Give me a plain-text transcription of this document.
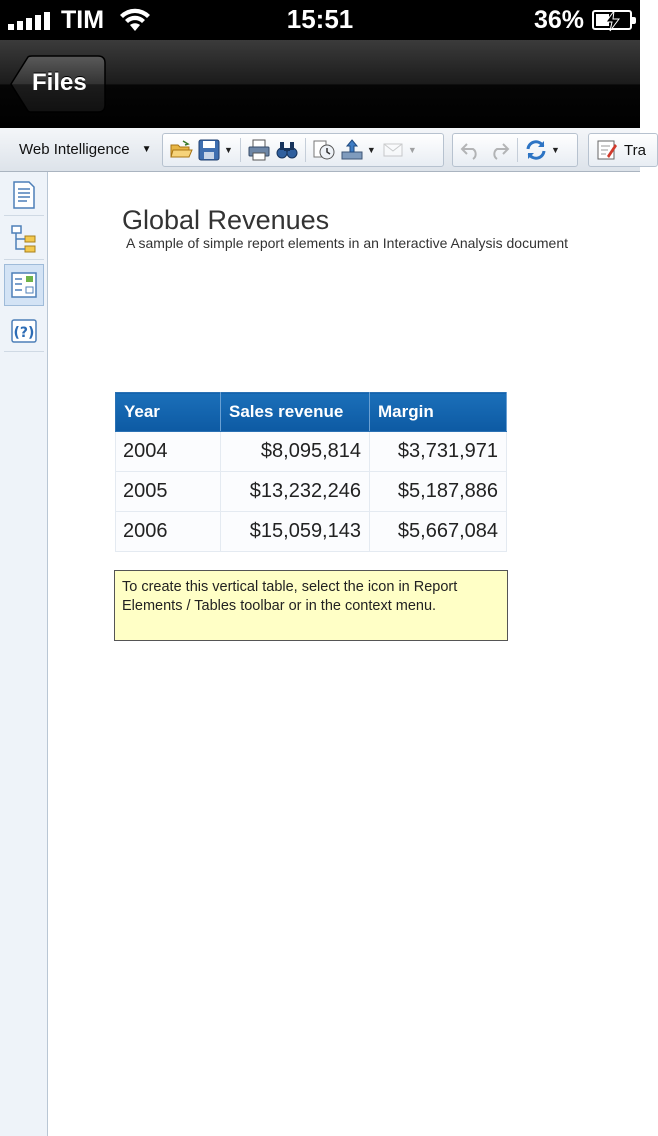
TIM	15:51	36%
Files
Web Intelligence ▼	▼	▼	▼	▼	Tra
(?)
Global Revenues
A sample of simple report elements in an Interactive Analysis document
Year	Sales revenue	Margin
2004	$8,095,814	$3,731,971
2005	$13,232,246	$5,187,886
2006	$15,059,143	$5,667,084
To create this vertical table, select the icon in Report Elements / Tables toolbar or in the context menu.
